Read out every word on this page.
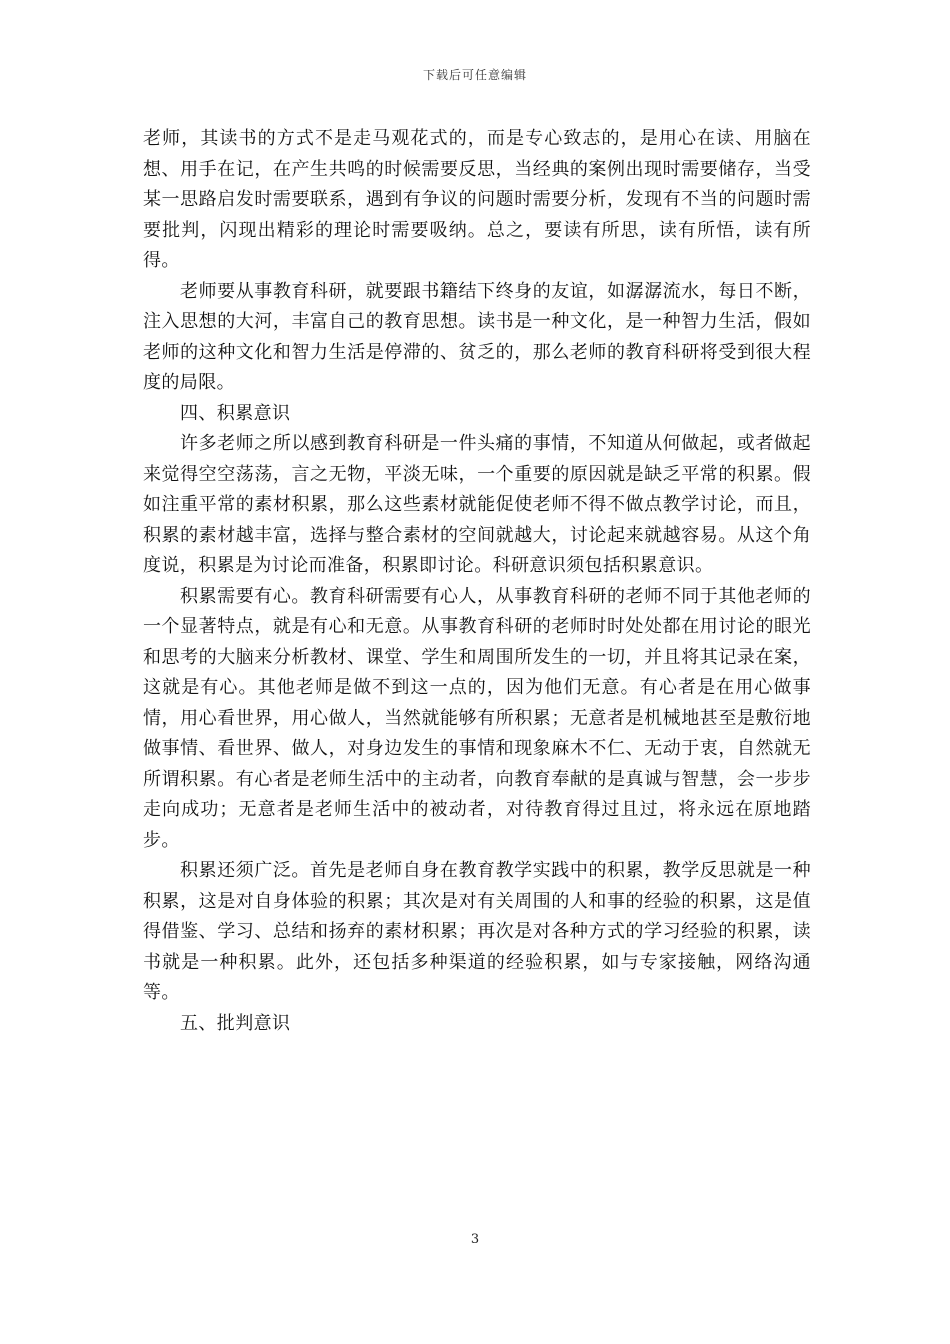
下载后可任意编辑

老师，其读书的方式不是走马观花式的，而是专心致志的，是用心在读、用脑在想、用手在记，在产生共鸣的时候需要反思，当经典的案例出现时需要储存，当受某一思路启发时需要联系，遇到有争议的问题时需要分析，发现有不当的问题时需要批判，闪现出精彩的理论时需要吸纳。总之，要读有所思，读有所悟，读有所得。

老师要从事教育科研，就要跟书籍结下终身的友谊，如潺潺流水，每日不断，注入思想的大河，丰富自己的教育思想。读书是一种文化，是一种智力生活，假如老师的这种文化和智力生活是停滞的、贫乏的，那么老师的教育科研将受到很大程度的局限。

四、积累意识

许多老师之所以感到教育科研是一件头痛的事情，不知道从何做起，或者做起来觉得空空荡荡，言之无物，平淡无味，一个重要的原因就是缺乏平常的积累。假如注重平常的素材积累，那么这些素材就能促使老师不得不做点教学讨论，而且，积累的素材越丰富，选择与整合素材的空间就越大，讨论起来就越容易。从这个角度说，积累是为讨论而准备，积累即讨论。科研意识须包括积累意识。

积累需要有心。教育科研需要有心人，从事教育科研的老师不同于其他老师的一个显著特点，就是有心和无意。从事教育科研的老师时时处处都在用讨论的眼光和思考的大脑来分析教材、课堂、学生和周围所发生的一切，并且将其记录在案，这就是有心。其他老师是做不到这一点的，因为他们无意。有心者是在用心做事情，用心看世界，用心做人，当然就能够有所积累；无意者是机械地甚至是敷衍地做事情、看世界、做人，对身边发生的事情和现象麻木不仁、无动于衷，自然就无所谓积累。有心者是老师生活中的主动者，向教育奉献的是真诚与智慧，会一步步走向成功；无意者是老师生活中的被动者，对待教育得过且过，将永远在原地踏步。

积累还须广泛。首先是老师自身在教育教学实践中的积累，教学反思就是一种积累，这是对自身体验的积累；其次是对有关周围的人和事的经验的积累，这是值得借鉴、学习、总结和扬弃的素材积累；再次是对各种方式的学习经验的积累，读书就是一种积累。此外，还包括多种渠道的经验积累，如与专家接触，网络沟通等。

五、批判意识

3
